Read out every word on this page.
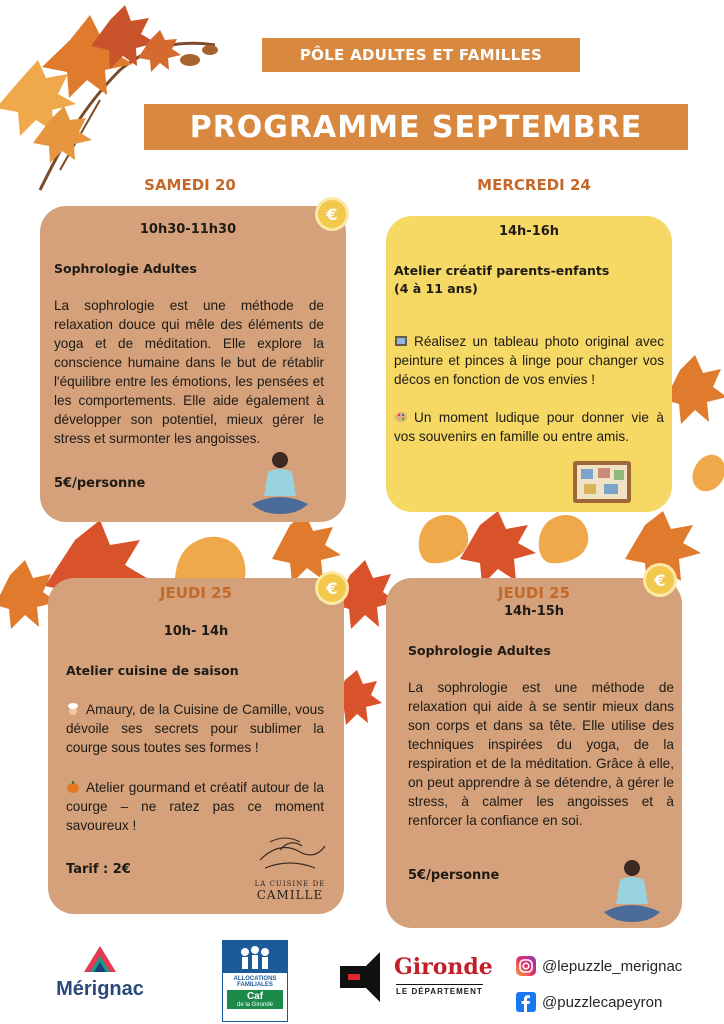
PÔLE ADULTES ET FAMILLES
PROGRAMME SEPTEMBRE
SAMEDI 20
10h30-11h30
Sophrologie Adultes
La sophrologie est une méthode de relaxation douce qui mêle des éléments de yoga et de méditation. Elle explore la conscience humaine dans le but de rétablir l'équilibre entre les émotions, les pensées et les comportements. Elle aide également à développer son potentiel, mieux gérer le stress et surmonter les angoisses.
5€/personne
€
MERCREDI 24
14h-16h
Atelier créatif parents-enfants
(4 à 11 ans)
Réalisez un tableau photo original avec peinture et pinces à linge pour changer vos décos en fonction de vos envies !
Un moment ludique pour donner vie à vos souvenirs en famille ou entre amis.
JEUDI 25
10h- 14h
Atelier cuisine de saison
Amaury, de la Cuisine de Camille, vous dévoile ses secrets pour sublimer la courge sous toutes ses formes !
Atelier gourmand et créatif autour de la courge – ne ratez pas ce moment savoureux !
Tarif : 2€
LA CUISINE DE
CAMILLE
€	JEUDI 25
14h-15h
Sophrologie Adultes
La sophrologie est une méthode de relaxation qui aide à se sentir mieux dans son corps et dans sa tête. Elle utilise des techniques inspirées du yoga, de la respiration et de la méditation. Grâce à elle, on peut apprendre à se détendre, à gérer le stress, à calmer les angoisses et à renforcer la confiance en soi.
5€/personne
€
Mérignac	ALLOCATIONS
FAMILIALES
Caf
de la Gironde
Gironde
LE DÉPARTEMENT
@lepuzzle_merignac
@puzzlecapeyron
